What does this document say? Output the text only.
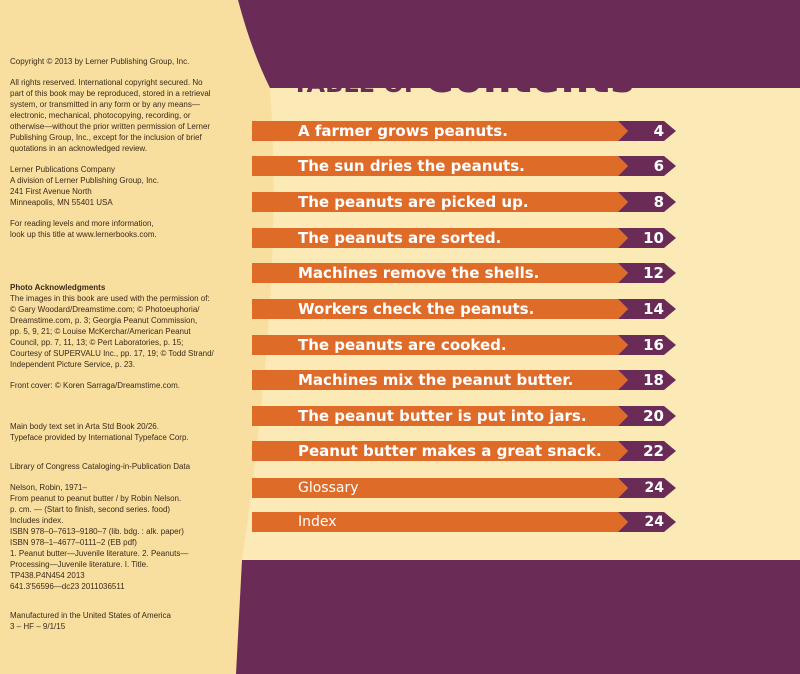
Copyright © 2013 by Lerner Publishing Group, Inc.

All rights reserved. International copyright secured. No
part of this book may be reproduced, stored in a retrieval
system, or transmitted in any form or by any means—
electronic, mechanical, photocopying, recording, or
otherwise—without the prior written permission of Lerner
Publishing Group, Inc., except for the inclusion of brief
quotations in an acknowledged review.

Lerner Publications Company
A division of Lerner Publishing Group, Inc.
241 First Avenue North
Minneapolis, MN 55401 USA

For reading levels and more information,
look up this title at www.lernerbooks.com.

Photo Acknowledgments

The images in this book are used with the permission of:
© Gary Woodard/Dreamstime.com; © Photoeuphoria/
Dreamstime.com, p. 3; Georgia Peanut Commission,
pp. 5, 9, 21; © Louise McKerchar/American Peanut
Council, pp. 7, 11, 13; © Pert Laboratories, p. 15;
Courtesy of SUPERVALU Inc., pp. 17, 19; © Todd Strand/
Independent Picture Service, p. 23.

Front cover: © Koren Sarraga/Dreamstime.com.

Main body text set in Arta Std Book 20/26.
Typeface provided by International Typeface Corp.

Library of Congress Cataloging-in-Publication Data

Nelson, Robin, 1971–
From peanut to peanut butter / by Robin Nelson.
p. cm. — (Start to finish, second series. food)
Includes index.
ISBN 978–0–7613–9180–7 (lib. bdg. : alk. paper)
ISBN 978–1–4677–0111–2 (EB pdf)
1. Peanut butter—Juvenile literature. 2. Peanuts—
Processing—Juvenile literature. I. Title.
TP438.P4N454 2013
641.3'56596—dc23 2011036511

Manufactured in the United States of America
3 – HF – 9/1/15

TABLE OF Contents
A farmer grows peanuts.	4
The sun dries the peanuts.	6
The peanuts are picked up.	8
The peanuts are sorted.	10
Machines remove the shells.	12
Workers check the peanuts.	14
The peanuts are cooked.	16
Machines mix the peanut butter.	18
The peanut butter is put into jars.	20
Peanut butter makes a great snack.	22
Glossary	24
Index	24
